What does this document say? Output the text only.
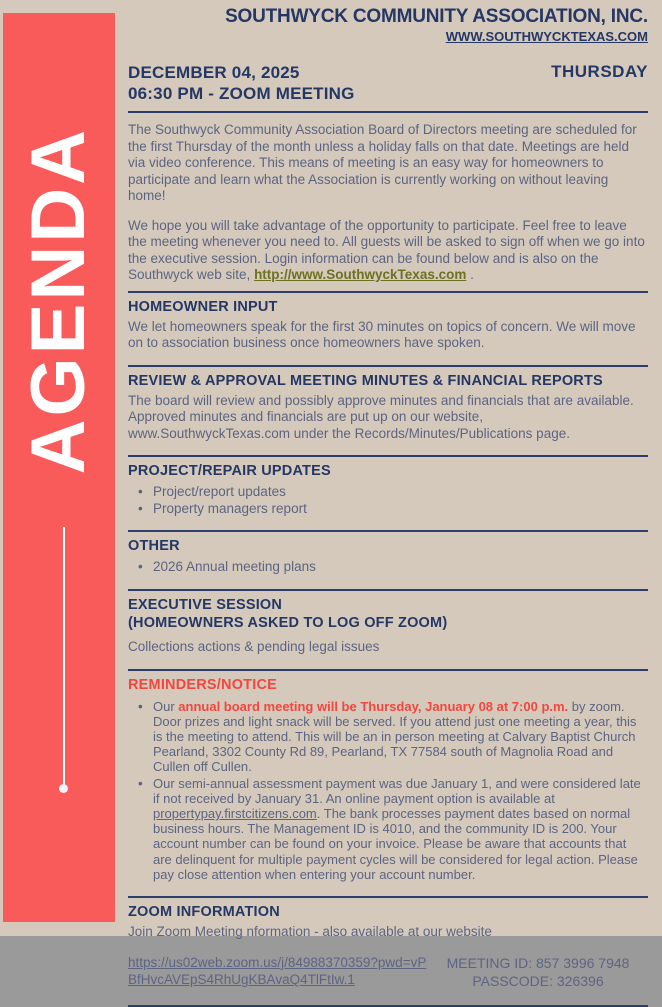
AGENDA
SOUTHWYCK COMMUNITY ASSOCIATION, INC.
WWW.SOUTHWYCKTEXAS.COM
DECEMBER 04, 2025
06:30 PM - ZOOM MEETING
THURSDAY
The Southwyck Community Association Board of Directors meeting are scheduled for the first Thursday of the month unless a holiday falls on that date. Meetings are held via video conference. This means of meeting is an easy way for homeowners to participate and learn what the Association is currently working on without leaving home!
We hope you will take advantage of the opportunity to participate. Feel free to leave the meeting whenever you need to. All guests will be asked to sign off when we go into the executive session. Login information can be found below and is also on the Southwyck web site, http://www.SouthwyckTexas.com .
HOMEOWNER INPUT
We let homeowners speak for the first 30 minutes on topics of concern. We will move on to association business once homeowners have spoken.
REVIEW & APPROVAL MEETING MINUTES & FINANCIAL REPORTS
The board will review and possibly approve minutes and financials that are available. Approved minutes and financials are put up on our website, www.SouthwyckTexas.com under the Records/Minutes/Publications page.
PROJECT/REPAIR UPDATES
• Project/report updates
• Property managers report
OTHER
• 2026 Annual meeting plans
EXECUTIVE SESSION
(HOMEOWNERS ASKED TO LOG OFF ZOOM)
Collections actions & pending legal issues
REMINDERS/NOTICE
• Our annual board meeting will be Thursday, January 08 at 7:00 p.m. by zoom. Door prizes and light snack will be served. If you attend just one meeting a year, this is the meeting to attend. This will be an in person meeting at Calvary Baptist Church Pearland, 3302 County Rd 89, Pearland, TX 77584 south of Magnolia Road and Cullen off Cullen.
• Our semi-annual assessment payment was due January 1, and were considered late if not received by January 31. An online payment option is available at propertypay.firstcitizens.com. The bank processes payment dates based on normal business hours. The Management ID is 4010, and the community ID is 200. Your account number can be found on your invoice. Please be aware that accounts that are delinquent for multiple payment cycles will be considered for legal action. Please pay close attention when entering your account number.
ZOOM INFORMATION
Join Zoom Meeting nformation - also available at our website
https://us02web.zoom.us/j/84988370359?pwd=vPBfHvcAVEpS4RhUgKBAvaQ4TlFtIw.1
MEETING ID: 857 3996 7948
PASSCODE: 326396
